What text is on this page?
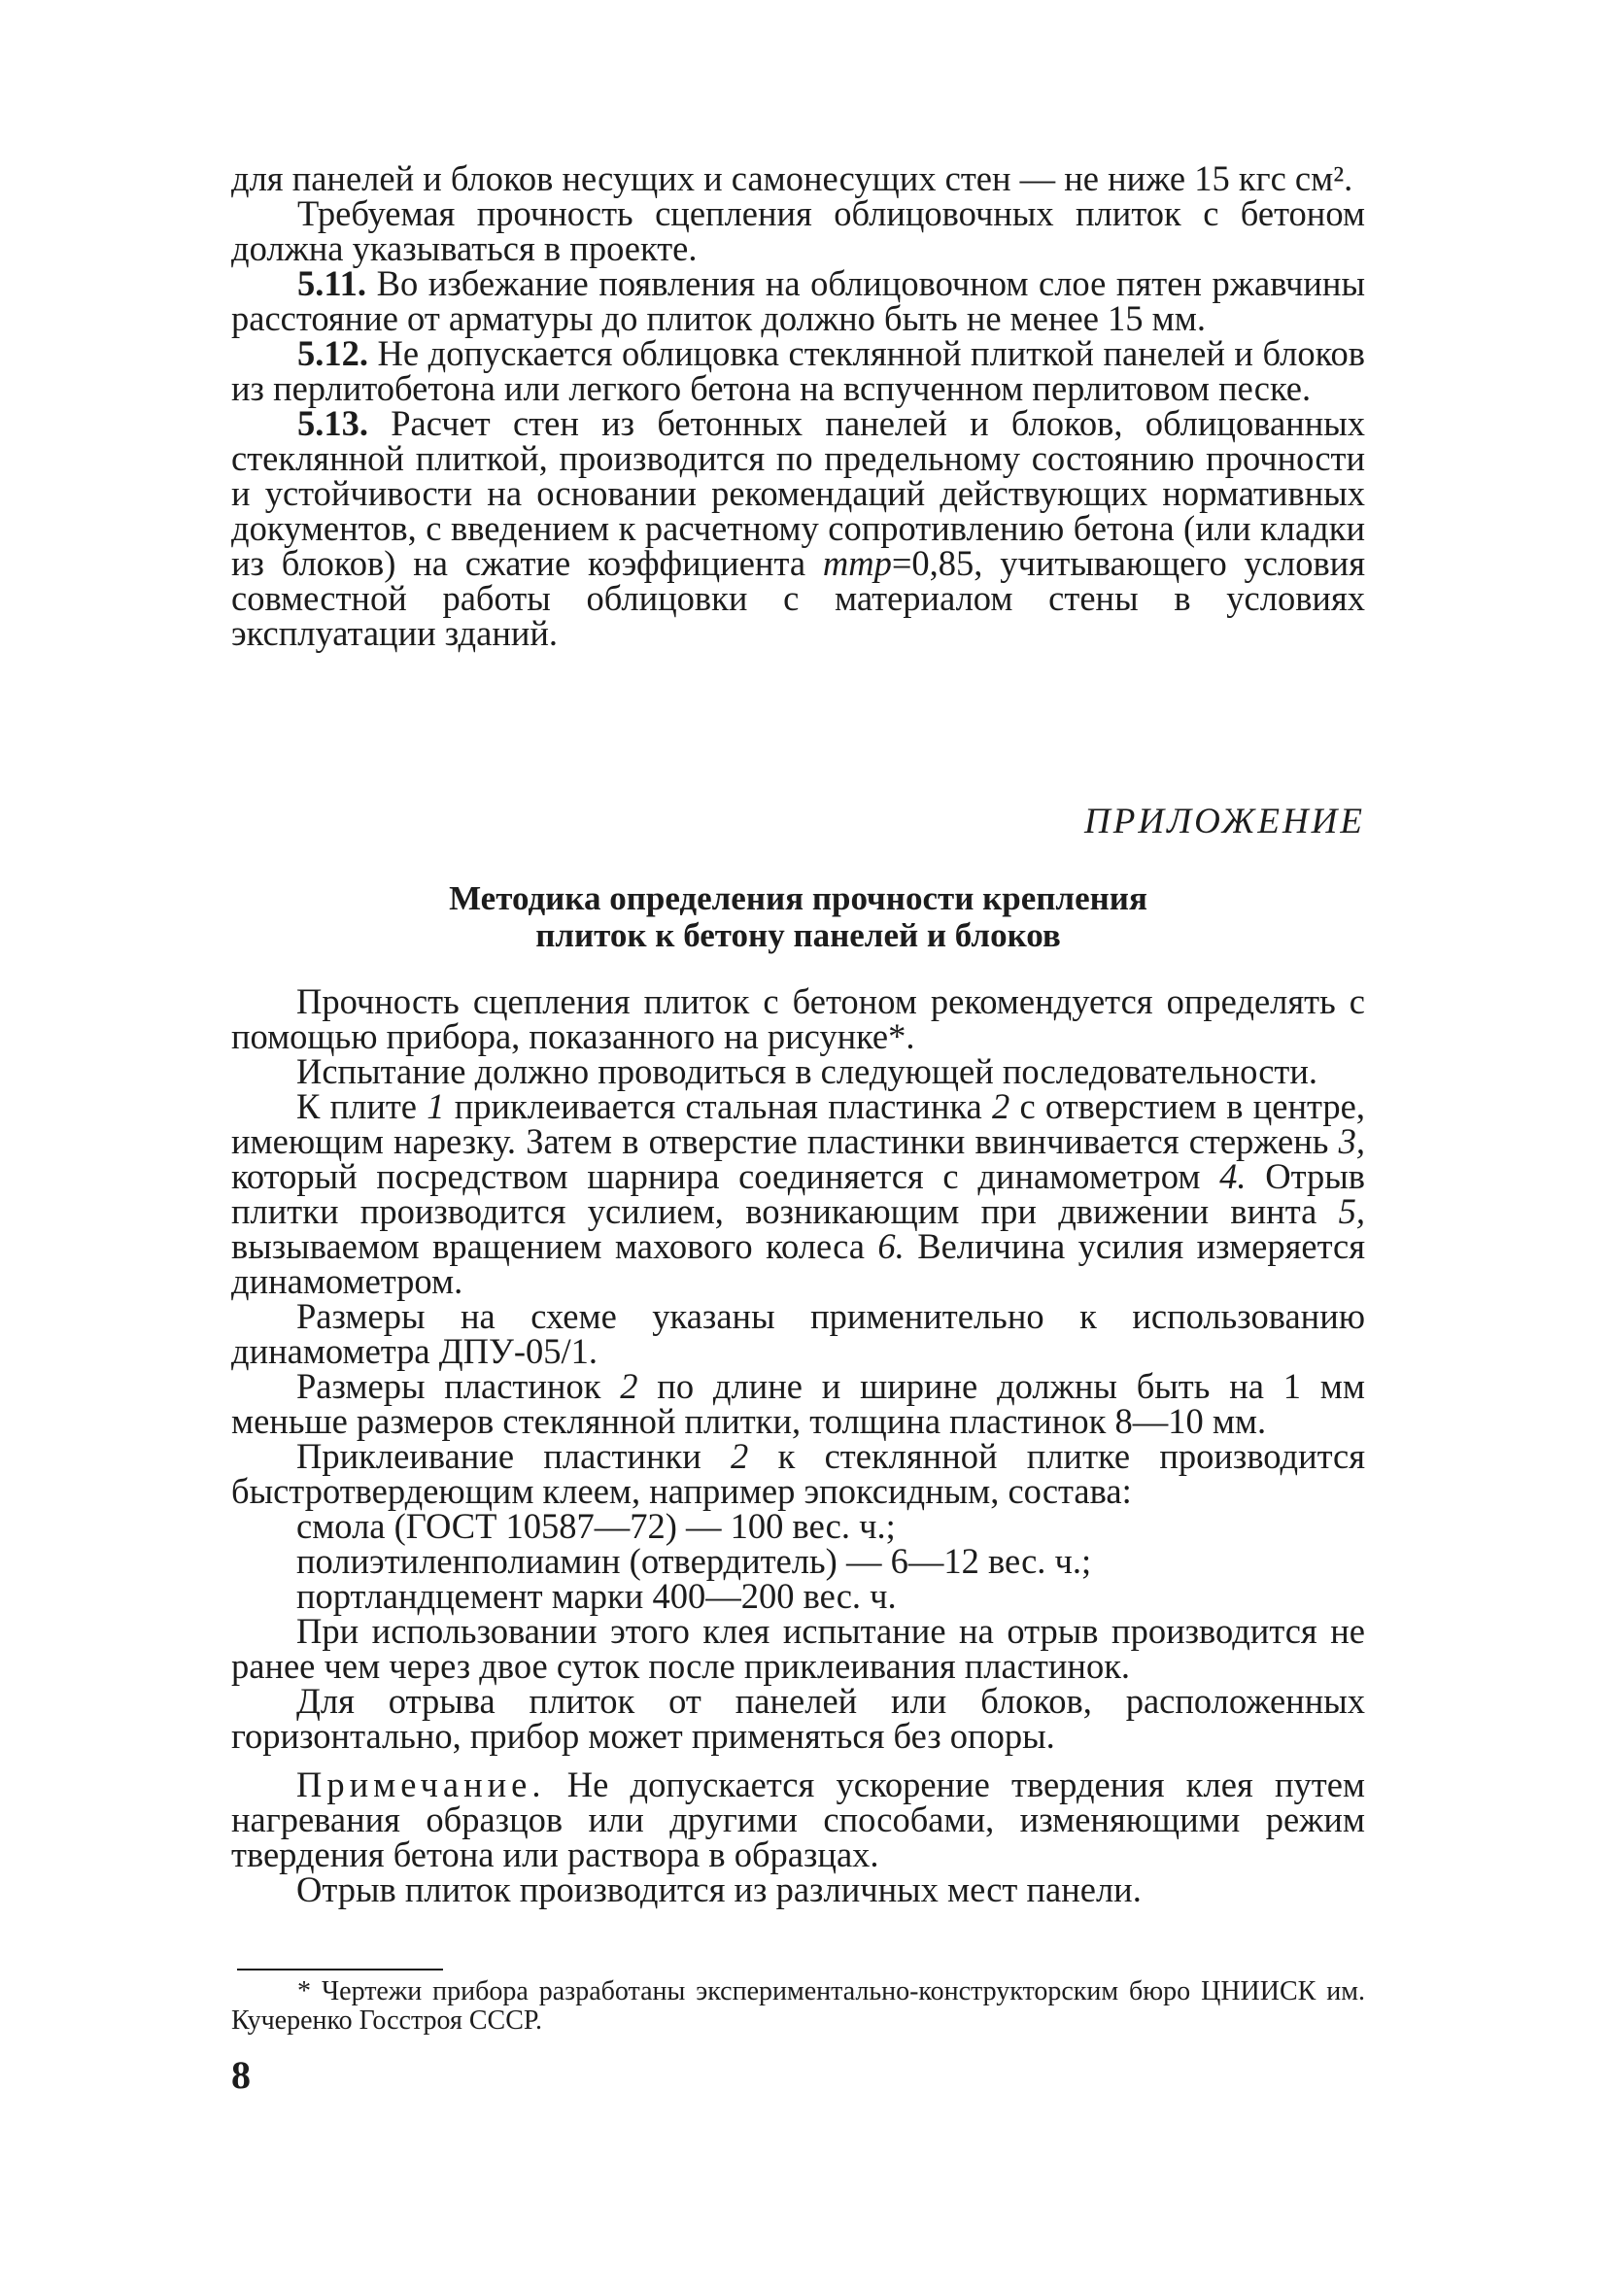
для панелей и блоков несущих и самонесущих стен — не ниже 15 кгс см².

Требуемая прочность сцепления облицовочных плиток с бетоном должна указываться в проекте.

5.11. Во избежание появления на облицовочном слое пятен ржавчины расстояние от арматуры до плиток должно быть не менее 15 мм.

5.12. Не допускается облицовка стеклянной плиткой панелей и блоков из перлитобетона или легкого бетона на вспученном перлитовом песке.

5.13. Расчет стен из бетонных панелей и блоков, облицованных стеклянной плиткой, производится по предельному состоянию прочности и устойчивости на основании рекомендаций действующих нормативных документов, с введением к расчетному сопротивлению бетона (или кладки из блоков) на сжатие коэффициента mтр=0,85, учитывающего условия совместной работы облицовки с материалом стены в условиях эксплуатации зданий.

ПРИЛОЖЕНИЕ

Методика определения прочности крепления
плиток к бетону панелей и блоков

Прочность сцепления плиток с бетоном рекомендуется определять с помощью прибора, показанного на рисунке*.

Испытание должно проводиться в следующей последовательности.

К плите 1 приклеивается стальная пластинка 2 с отверстием в центре, имеющим нарезку. Затем в отверстие пластинки ввинчивается стержень 3, который посредством шарнира соединяется с динамометром 4. Отрыв плитки производится усилием, возникающим при движении винта 5, вызываемом вращением махового колеса 6. Величина усилия измеряется динамометром.

Размеры на схеме указаны применительно к использованию динамометра ДПУ-05/1.

Размеры пластинок 2 по длине и ширине должны быть на 1 мм меньше размеров стеклянной плитки, толщина пластинок 8—10 мм.

Приклеивание пластинки 2 к стеклянной плитке производится быстротвердеющим клеем, например эпоксидным, состава:

смола (ГОСТ 10587—72) — 100 вес. ч.;

полиэтиленполиамин (отвердитель) — 6—12 вес. ч.;

портландцемент марки 400—200 вес. ч.

При использовании этого клея испытание на отрыв производится не ранее чем через двое суток после приклеивания пластинок.

Для отрыва плиток от панелей или блоков, расположенных горизонтально, прибор может применяться без опоры.

Примечание. Не допускается ускорение твердения клея путем нагревания образцов или другими способами, изменяющими режим твердения бетона или раствора в образцах.

Отрыв плиток производится из различных мест панели.

* Чертежи прибора разработаны экспериментально-конструкторским бюро ЦНИИСК им. Кучеренко Госстроя СССР.

8
